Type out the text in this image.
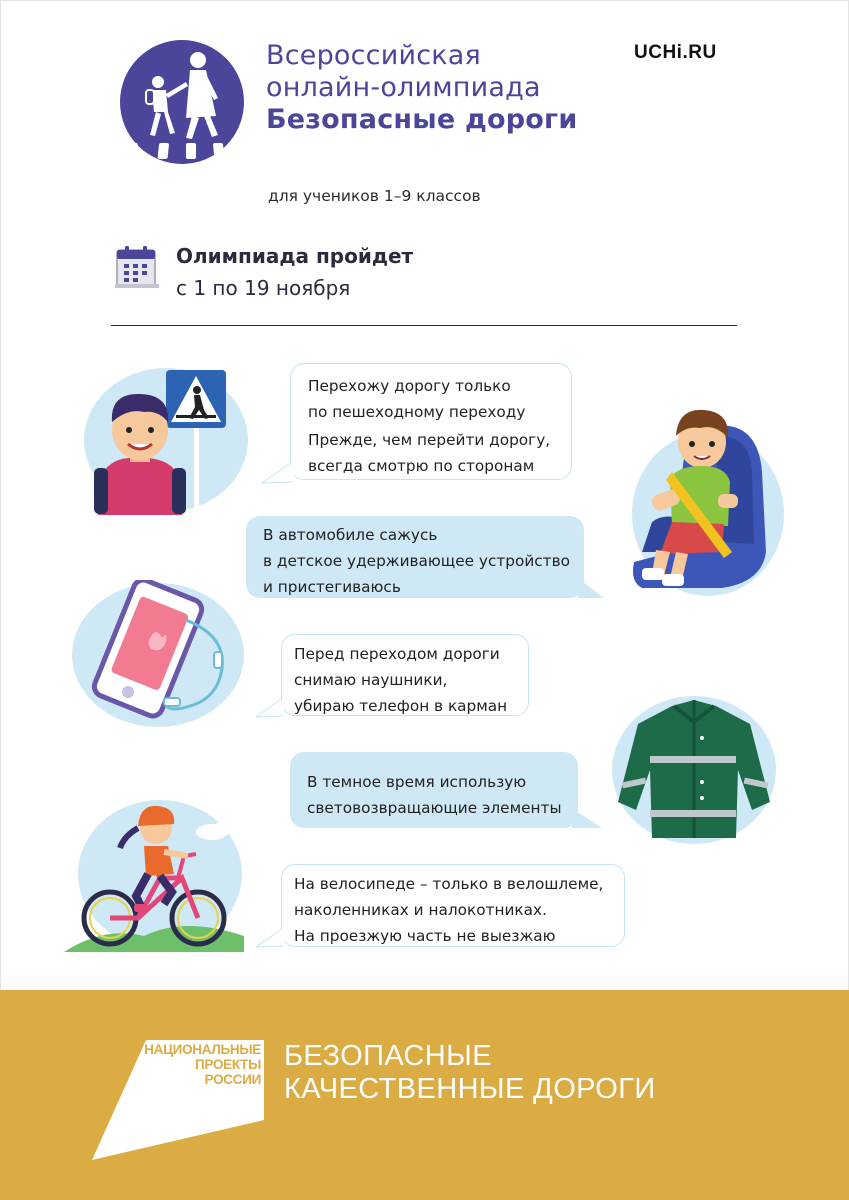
Всероссийская
онлайн-олимпиада
Безопасные дороги
для учеников 1–9 классов
UCHi.RU
Олимпиада пройдет
с 1 по 19 ноября

Перехожу дорогу только

по пешеходному переходу

Прежде, чем перейти дорогу,

всегда смотрю по сторонам

В автомобиле сажусь

в детское удерживающее устройство

и пристегиваюсь

Перед переходом дороги

снимаю наушники,

убираю телефон в карман

В темное время использую

световозвращающие элементы

На велосипеде – только в велошлеме,

наколенниках и налокотниках.

На проезжую часть не выезжаю

НАЦИОНАЛЬНЫЕ
ПРОЕКТЫ
РОССИИ
БЕЗОПАСНЫЕ
КАЧЕСТВЕННЫЕ ДОРОГИ
